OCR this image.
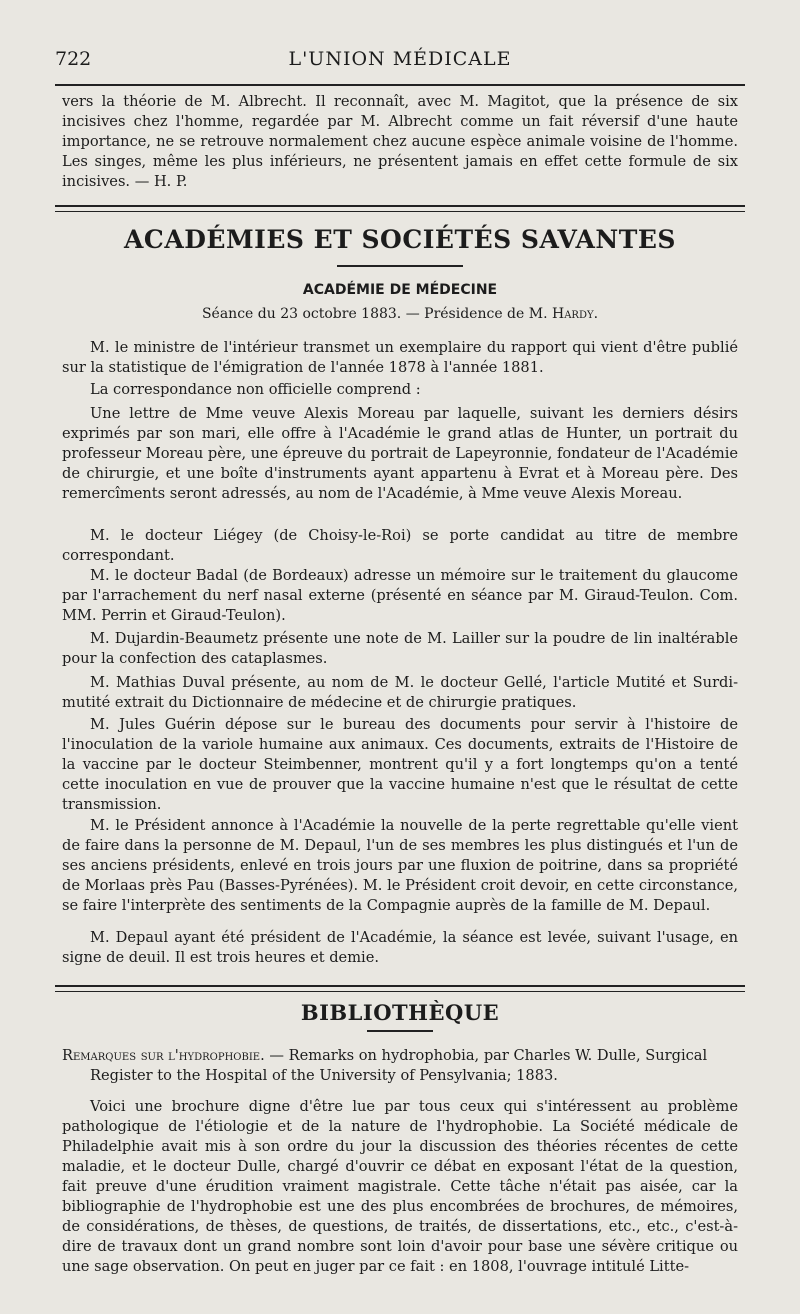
722	L'UNION MÉDICALE

vers la théorie de M. Albrecht. Il reconnaît, avec M. Magitot, que la présence de six incisives chez l'homme, regardée par M. Albrecht comme un fait réversif d'une haute importance, ne se retrouve normalement chez aucune espèce animale voisine de l'homme. Les singes, même les plus inférieurs, ne présentent jamais en effet cette formule de six incisives. — H. P.

ACADÉMIES ET SOCIÉTÉS SAVANTES
ACADÉMIE DE MÉDECINE
Séance du 23 octobre 1883. — Présidence de M. Hardy.

M. le ministre de l'intérieur transmet un exemplaire du rapport qui vient d'être publié sur la statistique de l'émigration de l'année 1878 à l'année 1881.

La correspondance non officielle comprend :

Une lettre de Mme veuve Alexis Moreau par laquelle, suivant les derniers désirs exprimés par son mari, elle offre à l'Académie le grand atlas de Hunter, un portrait du professeur Moreau père, une épreuve du portrait de Lapeyronnie, fondateur de l'Académie de chirurgie, et une boîte d'instruments ayant appartenu à Evrat et à Moreau père. Des remercîments seront adressés, au nom de l'Académie, à Mme veuve Alexis Moreau.

M. le docteur Liégey (de Choisy-le-Roi) se porte candidat au titre de membre correspondant.

M. le docteur Badal (de Bordeaux) adresse un mémoire sur le traitement du glaucome par l'arrachement du nerf nasal externe (présenté en séance par M. Giraud-Teulon. Com. MM. Perrin et Giraud-Teulon).

M. Dujardin-Beaumetz présente une note de M. Lailler sur la poudre de lin inaltérable pour la confection des cataplasmes.

M. Mathias Duval présente, au nom de M. le docteur Gellé, l'article Mutité et Surdi-mutité extrait du Dictionnaire de médecine et de chirurgie pratiques.

M. Jules Guérin dépose sur le bureau des documents pour servir à l'histoire de l'inoculation de la variole humaine aux animaux. Ces documents, extraits de l'Histoire de la vaccine par le docteur Steimbenner, montrent qu'il y a fort longtemps qu'on a tenté cette inoculation en vue de prouver que la vaccine humaine n'est que le résultat de cette transmission.

M. le Président annonce à l'Académie la nouvelle de la perte regrettable qu'elle vient de faire dans la personne de M. Depaul, l'un de ses membres les plus distingués et l'un de ses anciens présidents, enlevé en trois jours par une fluxion de poitrine, dans sa propriété de Morlaas près Pau (Basses-Pyrénées). M. le Président croit devoir, en cette circonstance, se faire l'interprète des sentiments de la Compagnie auprès de la famille de M. Depaul.

M. Depaul ayant été président de l'Académie, la séance est levée, suivant l'usage, en signe de deuil. Il est trois heures et demie.

BIBLIOTHÈQUE
Remarques sur l'hydrophobie. — Remarks on hydrophobia, par Charles W. Dulle, Surgical
Register to the Hospital of the University of Pensylvania; 1883.

Voici une brochure digne d'être lue par tous ceux qui s'intéressent au problème pathologique de l'étiologie et de la nature de l'hydrophobie. La Société médicale de Philadelphie avait mis à son ordre du jour la discussion des théories récentes de cette maladie, et le docteur Dulle, chargé d'ouvrir ce débat en exposant l'état de la question, fait preuve d'une érudition vraiment magistrale. Cette tâche n'était pas aisée, car la bibliographie de l'hydrophobie est une des plus encombrées de brochures, de mémoires, de considérations, de thèses, de questions, de traités, de dissertations, etc., etc., c'est-à-dire de travaux dont un grand nombre sont loin d'avoir pour base une sévère critique ou une sage observation. On peut en juger par ce fait : en 1808, l'ouvrage intitulé Litte-
